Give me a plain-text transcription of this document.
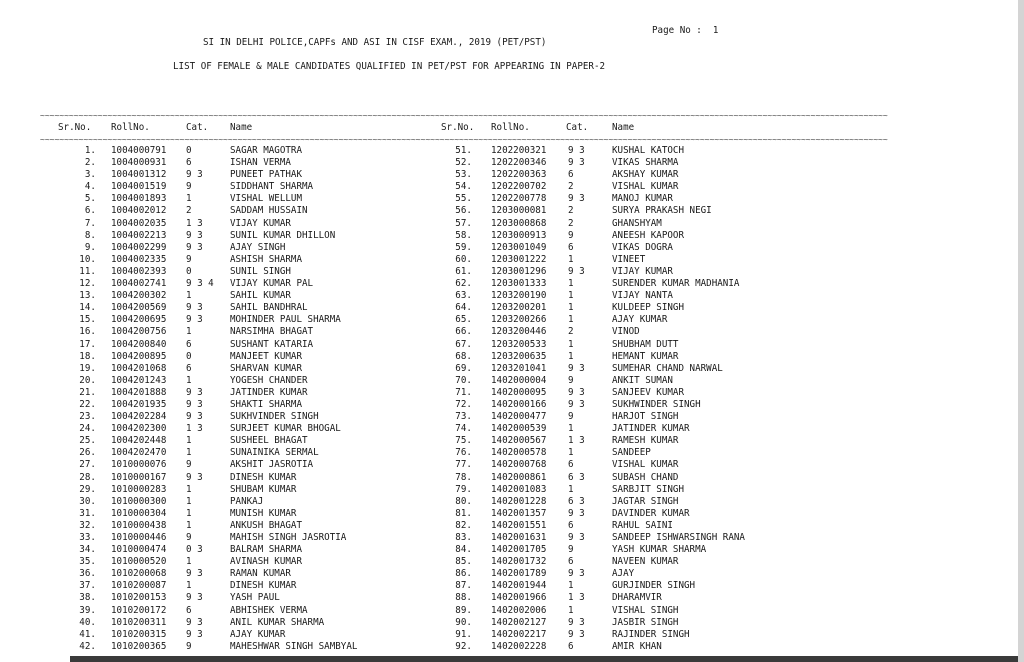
Page No :  1
SI IN DELHI POLICE,CAPFs AND ASI IN CISF EXAM., 2019 (PET/PST)
LIST OF FEMALE & MALE CANDIDATES QUALIFIED IN PET/PST FOR APPEARING IN PAPER-2
~~~~~~~~~~~~~~~~~~~~~~~~~~~~~~~~~~~~~~~~~~~~~~~~~~~~~~~~~~~~~~~~~~~~~~~~~~~~~~~~~~~~~~~~~~~~~~~~~~~~~~~~~~~~~~~~~~~~~~~~~~~~~~~~~~~~~~~~~~~~~~~~~~~~~~~~~~~~~~~~~~~~~~~~~~~~~~~~
Sr.No. RollNo.	Cat. Name	Sr.No. RollNo.	Cat. Name
~~~~~~~~~~~~~~~~~~~~~~~~~~~~~~~~~~~~~~~~~~~~~~~~~~~~~~~~~~~~~~~~~~~~~~~~~~~~~~~~~~~~~~~~~~~~~~~~~~~~~~~~~~~~~~~~~~~~~~~~~~~~~~~~~~~~~~~~~~~~~~~~~~~~~~~~~~~~~~~~~~~~~~~~~~~~~~~~
1. 1004000791 0	SAGAR MAGOTRA	51. 1202200321 9 3	KUSHAL KATOCH
2. 1004000931 6	ISHAN VERMA	52. 1202200346 9 3	VIKAS SHARMA
3. 1004001312 9 3	PUNEET PATHAK	53. 1202200363 6	AKSHAY KUMAR
4. 1004001519 9	SIDDHANT SHARMA	54. 1202200702 2	VISHAL KUMAR
5. 1004001893 1	VISHAL WELLUM	55. 1202200778 9 3	MANOJ KUMAR
6. 1004002012 2	SADDAM HUSSAIN	56. 1203000081 2	SURYA PRAKASH NEGI
7. 1004002035 1 3	VIJAY KUMAR	57. 1203000868 2	GHANSHYAM
8. 1004002213 9 3	SUNIL KUMAR DHILLON	58. 1203000913 9	ANEESH KAPOOR
9. 1004002299 9 3	AJAY SINGH	59. 1203001049 6	VIKAS DOGRA
10. 1004002335 9	ASHISH SHARMA	60. 1203001222 1	VINEET
11. 1004002393 0	SUNIL SINGH	61. 1203001296 9 3	VIJAY KUMAR
12. 1004002741 9 3 4 VIJAY KUMAR PAL	62. 1203001333 1	SURENDER KUMAR MADHANIA
13. 1004200302 1	SAHIL KUMAR	63. 1203200190 1	VIJAY NANTA
14. 1004200569 9 3	SAHIL BANDHRAL	64. 1203200201 1	KULDEEP SINGH
15. 1004200695 9 3	MOHINDER PAUL SHARMA	65. 1203200266 1	AJAY KUMAR
16. 1004200756 1	NARSIMHA BHAGAT	66. 1203200446 2	VINOD
17. 1004200840 6	SUSHANT KATARIA	67. 1203200533 1	SHUBHAM DUTT
18. 1004200895 0	MANJEET KUMAR	68. 1203200635 1	HEMANT KUMAR
19. 1004201068 6	SHARVAN KUMAR	69. 1203201041 9 3	SUMEHAR CHAND NARWAL
20. 1004201243 1	YOGESH CHANDER	70. 1402000004 9	ANKIT SUMAN
21. 1004201888 9 3	JATINDER KUMAR	71. 1402000095 9 3	SANJEEV KUMAR
22. 1004201935 9 3	SHAKTI SHARMA	72. 1402000166 9 3	SUKHWINDER SINGH
23. 1004202284 9 3	SUKHVINDER SINGH	73. 1402000477 9	HARJOT SINGH
24. 1004202300 1 3	SURJEET KUMAR BHOGAL	74. 1402000539 1	JATINDER KUMAR
25. 1004202448 1	SUSHEEL BHAGAT	75. 1402000567 1 3	RAMESH KUMAR
26. 1004202470 1	SUNAINIKA SERMAL	76. 1402000578 1	SANDEEP
27. 1010000076 9	AKSHIT JASROTIA	77. 1402000768 6	VISHAL KUMAR
28. 1010000167 9 3	DINESH KUMAR	78. 1402000861 6 3	SUBASH CHAND
29. 1010000283 1	SHUBAM KUMAR	79. 1402001083 1	SARBJIT SINGH
30. 1010000300 1	PANKAJ	80. 1402001228 6 3	JAGTAR SINGH
31. 1010000304 1	MUNISH KUMAR	81. 1402001357 9 3	DAVINDER KUMAR
32. 1010000438 1	ANKUSH BHAGAT	82. 1402001551 6	RAHUL SAINI
33. 1010000446 9	MAHISH SINGH JASROTIA	83. 1402001631 9 3	SANDEEP ISHWARSINGH RANA
34. 1010000474 0 3	BALRAM SHARMA	84. 1402001705 9	YASH KUMAR SHARMA
35. 1010000520 1	AVINASH KUMAR	85. 1402001732 6	NAVEEN KUMAR
36. 1010200068 9 3	RAMAN KUMAR	86. 1402001789 9 3	AJAY
37. 1010200087 1	DINESH KUMAR	87. 1402001944 1	GURJINDER SINGH
38. 1010200153 9 3	YASH PAUL	88. 1402001966 1 3	DHARAMVIR
39. 1010200172 6	ABHISHEK VERMA	89. 1402002006 1	VISHAL SINGH
40. 1010200311 9 3	ANIL KUMAR SHARMA	90. 1402002127 9 3	JASBIR SINGH
41. 1010200315 9 3	AJAY KUMAR	91. 1402002217 9 3	RAJINDER SINGH
42. 1010200365 9	MAHESHWAR SINGH SAMBYAL	92. 1402002228 6	AMIR KHAN
